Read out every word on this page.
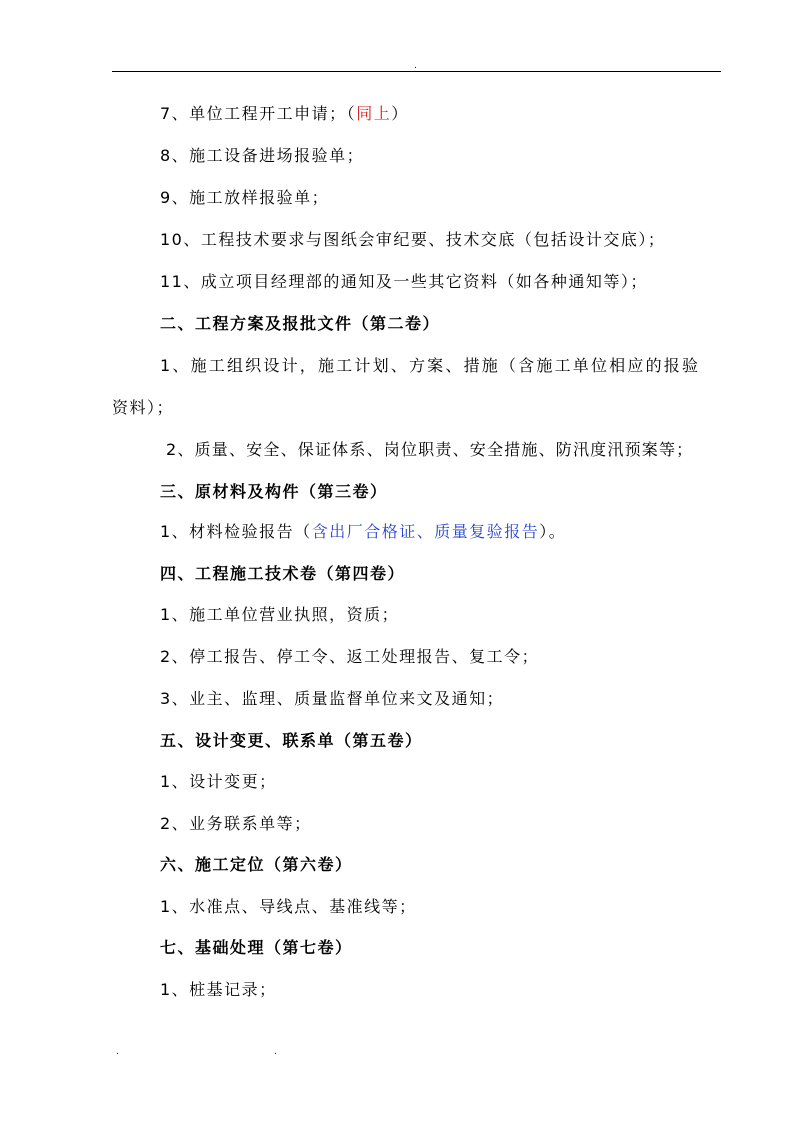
.
7、单位工程开工申请；（同上）
8、施工设备进场报验单；
9、施工放样报验单；
10、工程技术要求与图纸会审纪要、技术交底（包括设计交底）；
11、成立项目经理部的通知及一些其它资料（如各种通知等）；
二、工程方案及报批文件（第二卷）
1、施工组织设计，施工计划、方案、措施（含施工单位相应的报验
资料）；
2、质量、安全、保证体系、岗位职责、安全措施、防汛度汛预案等；
三、原材料及构件（第三卷）
1、材料检验报告（含出厂合格证、质量复验报告）。
四、工程施工技术卷（第四卷）
1、施工单位营业执照，资质；
2、停工报告、停工令、返工处理报告、复工令；
3、业主、监理、质量监督单位来文及通知；
五、设计变更、联系单（第五卷）
1、设计变更；
2、业务联系单等；
六、施工定位（第六卷）
1、水准点、导线点、基准线等；
七、基础处理（第七卷）
1、桩基记录；
.	.
